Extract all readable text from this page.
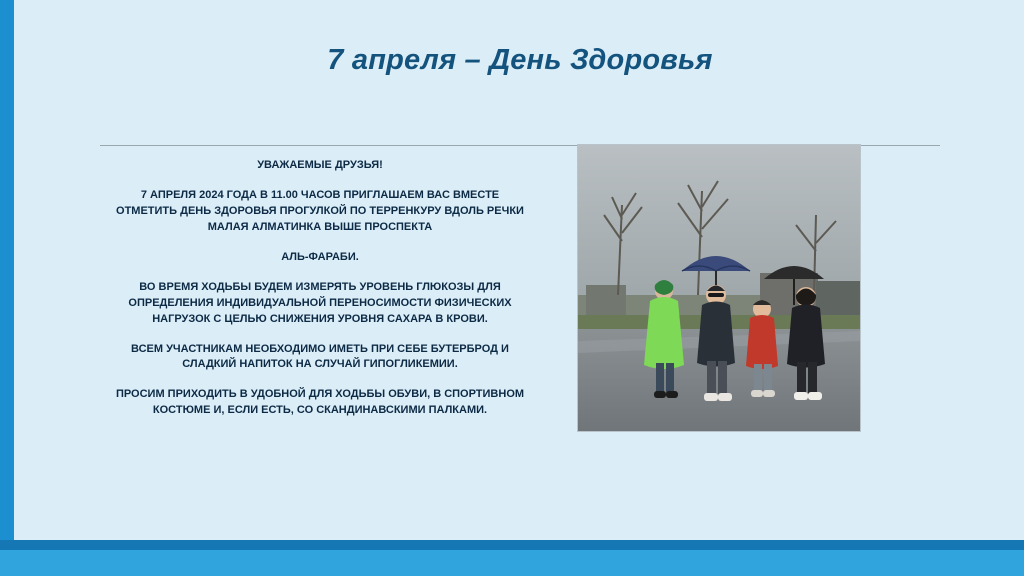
7 апреля – День Здоровья

УВАЖАЕМЫЕ ДРУЗЬЯ!

7 АПРЕЛЯ 2024 ГОДА В 11.00 ЧАСОВ ПРИГЛАШАЕМ ВАС ВМЕСТЕ ОТМЕТИТЬ ДЕНЬ ЗДОРОВЬЯ ПРОГУЛКОЙ ПО ТЕРРЕНКУРУ ВДОЛЬ РЕЧКИ МАЛАЯ АЛМАТИНКА ВЫШЕ ПРОСПЕКТА

АЛЬ-ФАРАБИ.

ВО ВРЕМЯ ХОДЬБЫ БУДЕМ ИЗМЕРЯТЬ УРОВЕНЬ ГЛЮКОЗЫ ДЛЯ ОПРЕДЕЛЕНИЯ ИНДИВИДУАЛЬНОЙ ПЕРЕНОСИМОСТИ ФИЗИЧЕСКИХ НАГРУЗОК С ЦЕЛЬЮ СНИЖЕНИЯ УРОВНЯ САХАРА В КРОВИ.

ВСЕМ УЧАСТНИКАМ НЕОБХОДИМО ИМЕТЬ ПРИ СЕБЕ БУТЕРБРОД И СЛАДКИЙ НАПИТОК НА СЛУЧАЙ ГИПОГЛИКЕМИИ.

ПРОСИМ ПРИХОДИТЬ В УДОБНОЙ ДЛЯ ХОДЬБЫ ОБУВИ, В СПОРТИВНОМ КОСТЮМЕ И, ЕСЛИ ЕСТЬ, СО СКАНДИНАВСКИМИ ПАЛКАМИ.
